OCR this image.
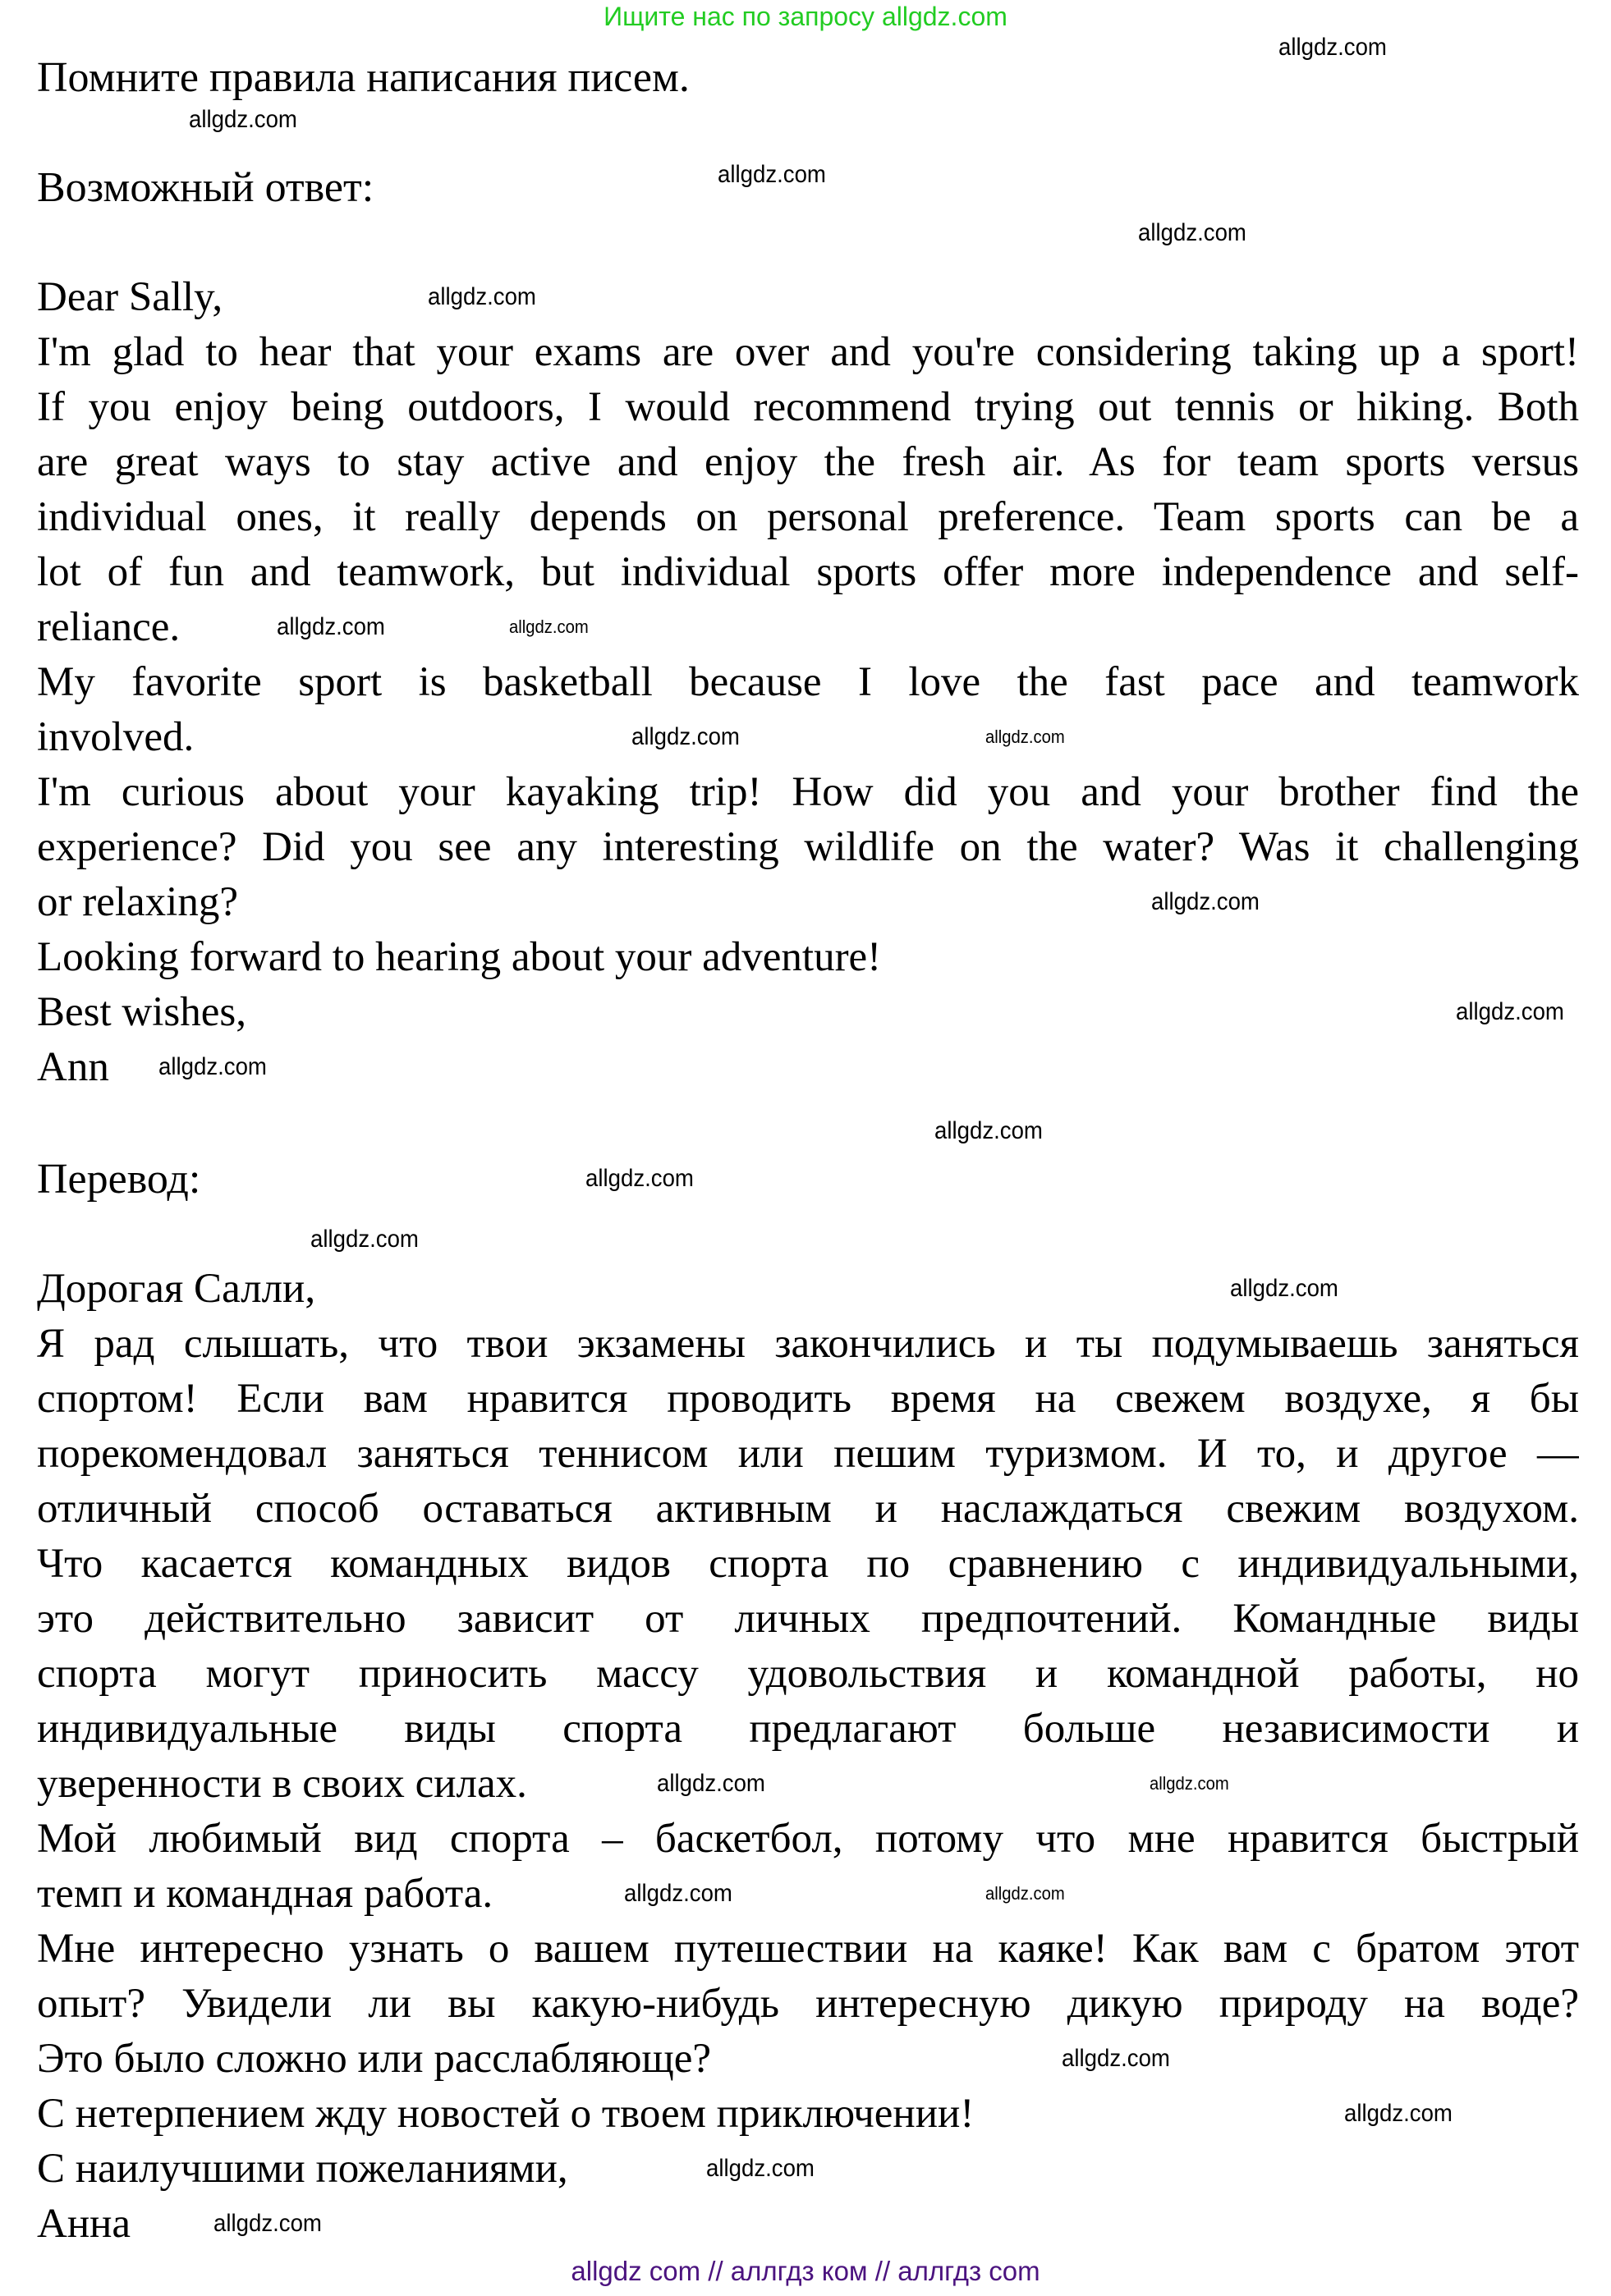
Ищите нас по запросу allgdz.com
Помните правила написания писем.
Возможный ответ:
Dear Sally,
I'm glad to hear that your exams are over and you're considering taking up a sport!
If you enjoy being outdoors, I would recommend trying out tennis or hiking. Both
are great ways to stay active and enjoy the fresh air. As for team sports versus
individual ones, it really depends on personal preference. Team sports can be a
lot of fun and teamwork, but individual sports offer more independence and self-
reliance.
My favorite sport is basketball because I love the fast pace and teamwork
involved.
I'm curious about your kayaking trip! How did you and your brother find the
experience? Did you see any interesting wildlife on the water? Was it challenging
or relaxing?
Looking forward to hearing about your adventure!
Best wishes,
Ann
Перевод:
Дорогая Салли,
Я рад слышать, что твои экзамены закончились и ты подумываешь заняться
спортом! Если вам нравится проводить время на свежем воздухе, я бы
порекомендовал заняться теннисом или пешим туризмом. И то, и другое —
отличный способ оставаться активным и наслаждаться свежим воздухом.
Что касается командных видов спорта по сравнению с индивидуальными,
это действительно зависит от личных предпочтений. Командные виды
спорта могут приносить массу удовольствия и командной работы, но
индивидуальные виды спорта предлагают больше независимости и
уверенности в своих силах.
Мой любимый вид спорта – баскетбол, потому что мне нравится быстрый
темп и командная работа.
Мне интересно узнать о вашем путешествии на каяке! Как вам с братом этот
опыт? Увидели ли вы какую-нибудь интересную дикую природу на воде?
Это было сложно или расслабляюще?
С нетерпением жду новостей о твоем приключении!
С наилучшими пожеланиями,
Анна
allgdz.com
allgdz.com
allgdz.com
allgdz.com
allgdz.com
allgdz.com	allgdz.com
allgdz.com	allgdz.com
allgdz.com
allgdz.com
allgdz.com
allgdz.com
allgdz.com
allgdz.com
allgdz.com
allgdz.com	allgdz.com
allgdz.com	allgdz.com
allgdz.com
allgdz.com
allgdz.com
allgdz.com
allgdz com // аллгдз ком // аллгдз com
